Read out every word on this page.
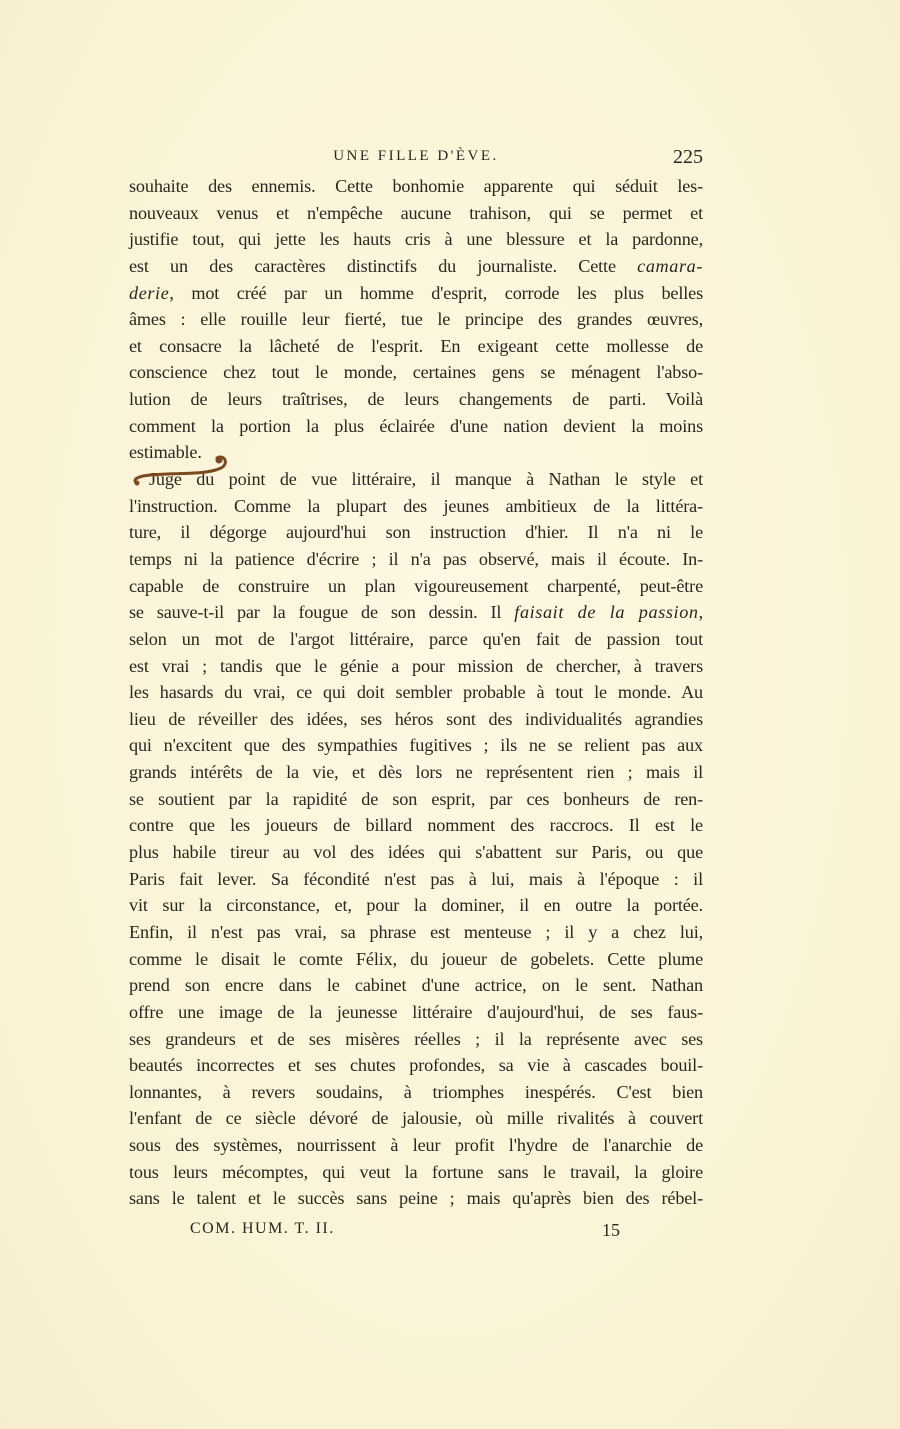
UNE FILLE D'ÈVE.	225
souhaite des ennemis. Cette bonhomie apparente qui séduit les-
nouveaux venus et n'empêche aucune trahison, qui se permet et
justifie tout, qui jette les hauts cris à une blessure et la pardonne,
est un des caractères distinctifs du journaliste. Cette camara-
derie, mot créé par un homme d'esprit, corrode les plus belles
âmes : elle rouille leur fierté, tue le principe des grandes œuvres,
et consacre la lâcheté de l'esprit. En exigeant cette mollesse de
conscience chez tout le monde, certaines gens se ménagent l'abso-
lution de leurs traîtrises, de leurs changements de parti. Voilà
comment la portion la plus éclairée d'une nation devient la moins
estimable.
Jugé du point de vue littéraire, il manque à Nathan le style et
l'instruction. Comme la plupart des jeunes ambitieux de la littéra-
ture, il dégorge aujourd'hui son instruction d'hier. Il n'a ni le
temps ni la patience d'écrire ; il n'a pas observé, mais il écoute. In-
capable de construire un plan vigoureusement charpenté, peut-être
se sauve-t-il par la fougue de son dessin. Il faisait de la passion,
selon un mot de l'argot littéraire, parce qu'en fait de passion tout
est vrai ; tandis que le génie a pour mission de chercher, à travers
les hasards du vrai, ce qui doit sembler probable à tout le monde. Au
lieu de réveiller des idées, ses héros sont des individualités agrandies
qui n'excitent que des sympathies fugitives ; ils ne se relient pas aux
grands intérêts de la vie, et dès lors ne représentent rien ; mais il
se soutient par la rapidité de son esprit, par ces bonheurs de ren-
contre que les joueurs de billard nomment des raccrocs. Il est le
plus habile tireur au vol des idées qui s'abattent sur Paris, ou que
Paris fait lever. Sa fécondité n'est pas à lui, mais à l'époque : il
vit sur la circonstance, et, pour la dominer, il en outre la portée.
Enfin, il n'est pas vrai, sa phrase est menteuse ; il y a chez lui,
comme le disait le comte Félix, du joueur de gobelets. Cette plume
prend son encre dans le cabinet d'une actrice, on le sent. Nathan
offre une image de la jeunesse littéraire d'aujourd'hui, de ses faus-
ses grandeurs et de ses misères réelles ; il la représente avec ses
beautés incorrectes et ses chutes profondes, sa vie à cascades bouil-
lonnantes, à revers soudains, à triomphes inespérés. C'est bien
l'enfant de ce siècle dévoré de jalousie, où mille rivalités à couvert
sous des systèmes, nourrissent à leur profit l'hydre de l'anarchie de
tous leurs mécomptes, qui veut la fortune sans le travail, la gloire
sans le talent et le succès sans peine ; mais qu'après bien des rébel-
COM. HUM. T. II.	15
